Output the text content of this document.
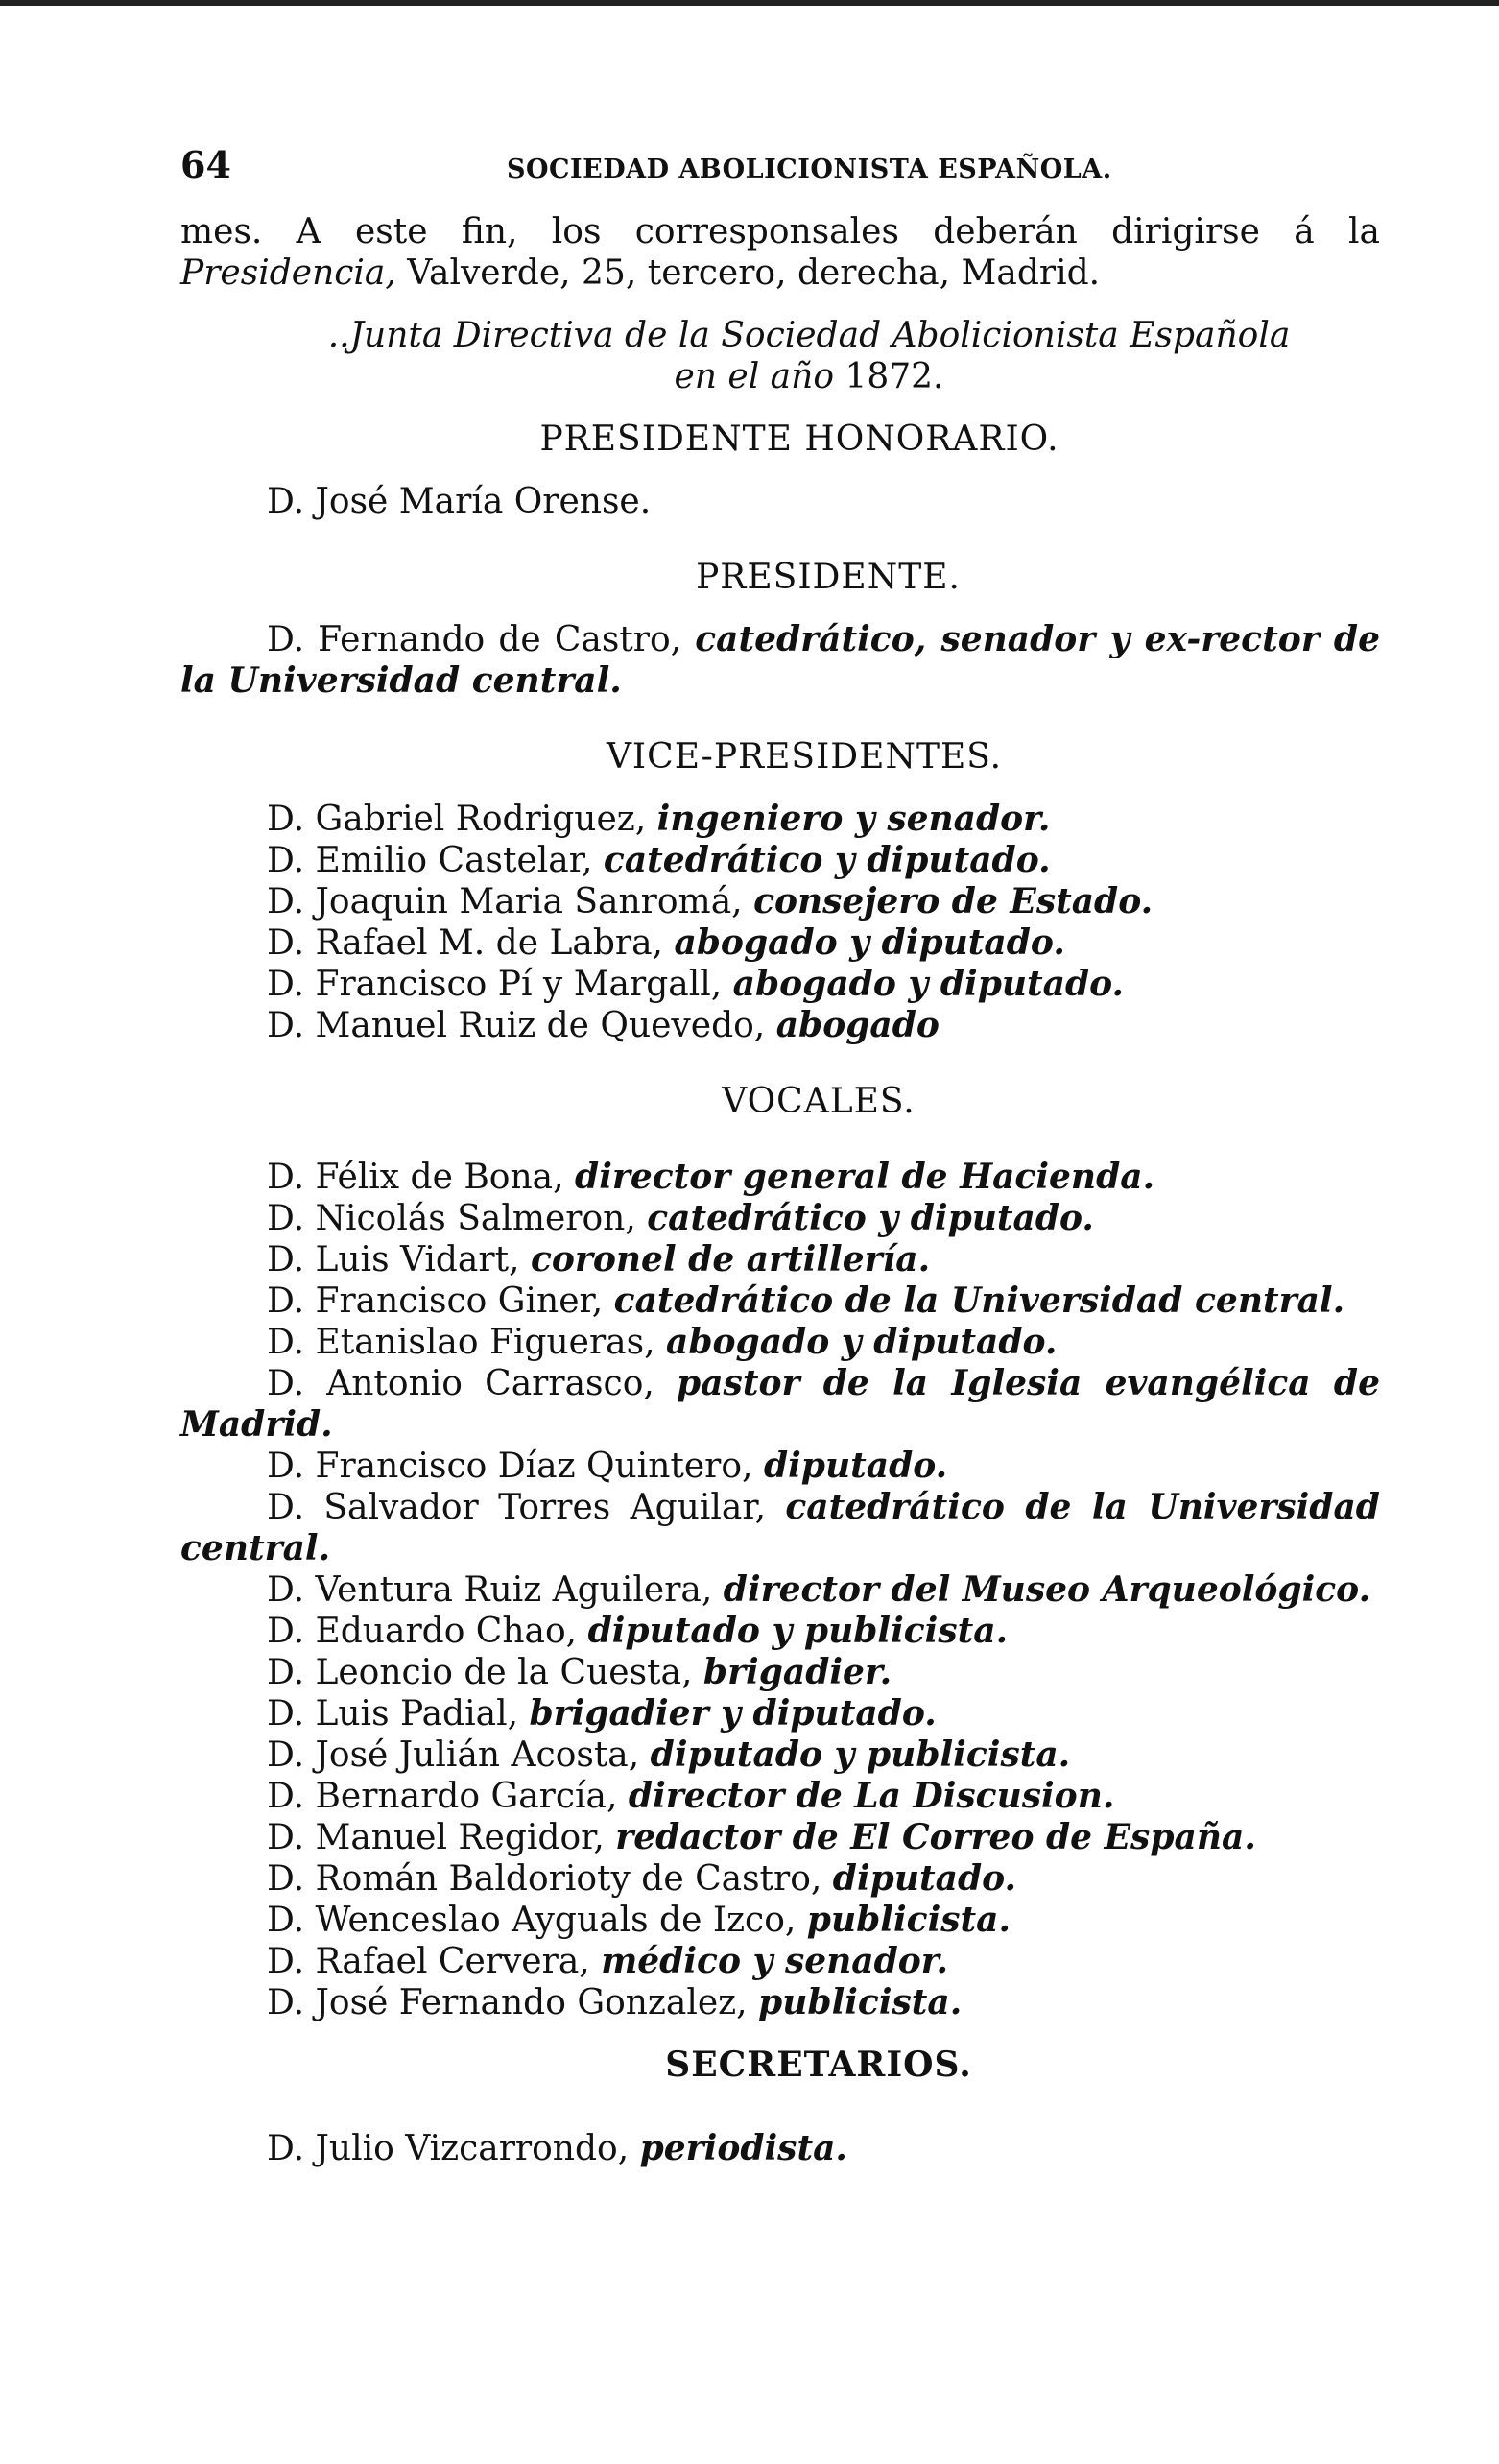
64	SOCIEDAD ABOLICIONISTA ESPAÑOLA.

mes. A este fin, los corresponsales deberán dirigirse á la Presidencia, Valverde, 25, tercero, derecha, Madrid.

..Junta Directiva de la Sociedad Abolicionista Española

en el año 1872.

PRESIDENTE HONORARIO.

D. José María Orense.

PRESIDENTE.

D. Fernando de Castro, catedrático, senador y ex-rector de la Universidad central.

VICE-PRESIDENTES.

D. Gabriel Rodriguez, ingeniero y senador.

D. Emilio Castelar, catedrático y diputado.

D. Joaquin Maria Sanromá, consejero de Estado.

D. Rafael M. de Labra, abogado y diputado.

D. Francisco Pí y Margall, abogado y diputado.

D. Manuel Ruiz de Quevedo, abogado

VOCALES.

D. Félix de Bona, director general de Hacienda.

D. Nicolás Salmeron, catedrático y diputado.

D. Luis Vidart, coronel de artillería.

D. Francisco Giner, catedrático de la Universidad central.

D. Etanislao Figueras, abogado y diputado.

D. Antonio Carrasco, pastor de la Iglesia evangélica de Madrid.

D. Francisco Díaz Quintero, diputado.

D. Salvador Torres Aguilar, catedrático de la Universidad central.

D. Ventura Ruiz Aguilera, director del Museo Arqueológico.

D. Eduardo Chao, diputado y publicista.

D. Leoncio de la Cuesta, brigadier.

D. Luis Padial, brigadier y diputado.

D. José Julián Acosta, diputado y publicista.

D. Bernardo García, director de La Discusion.

D. Manuel Regidor, redactor de El Correo de España.

D. Román Baldorioty de Castro, diputado.

D. Wenceslao Ayguals de Izco, publicista.

D. Rafael Cervera, médico y senador.

D. José Fernando Gonzalez, publicista.

SECRETARIOS.

D. Julio Vizcarrondo, periodista.
